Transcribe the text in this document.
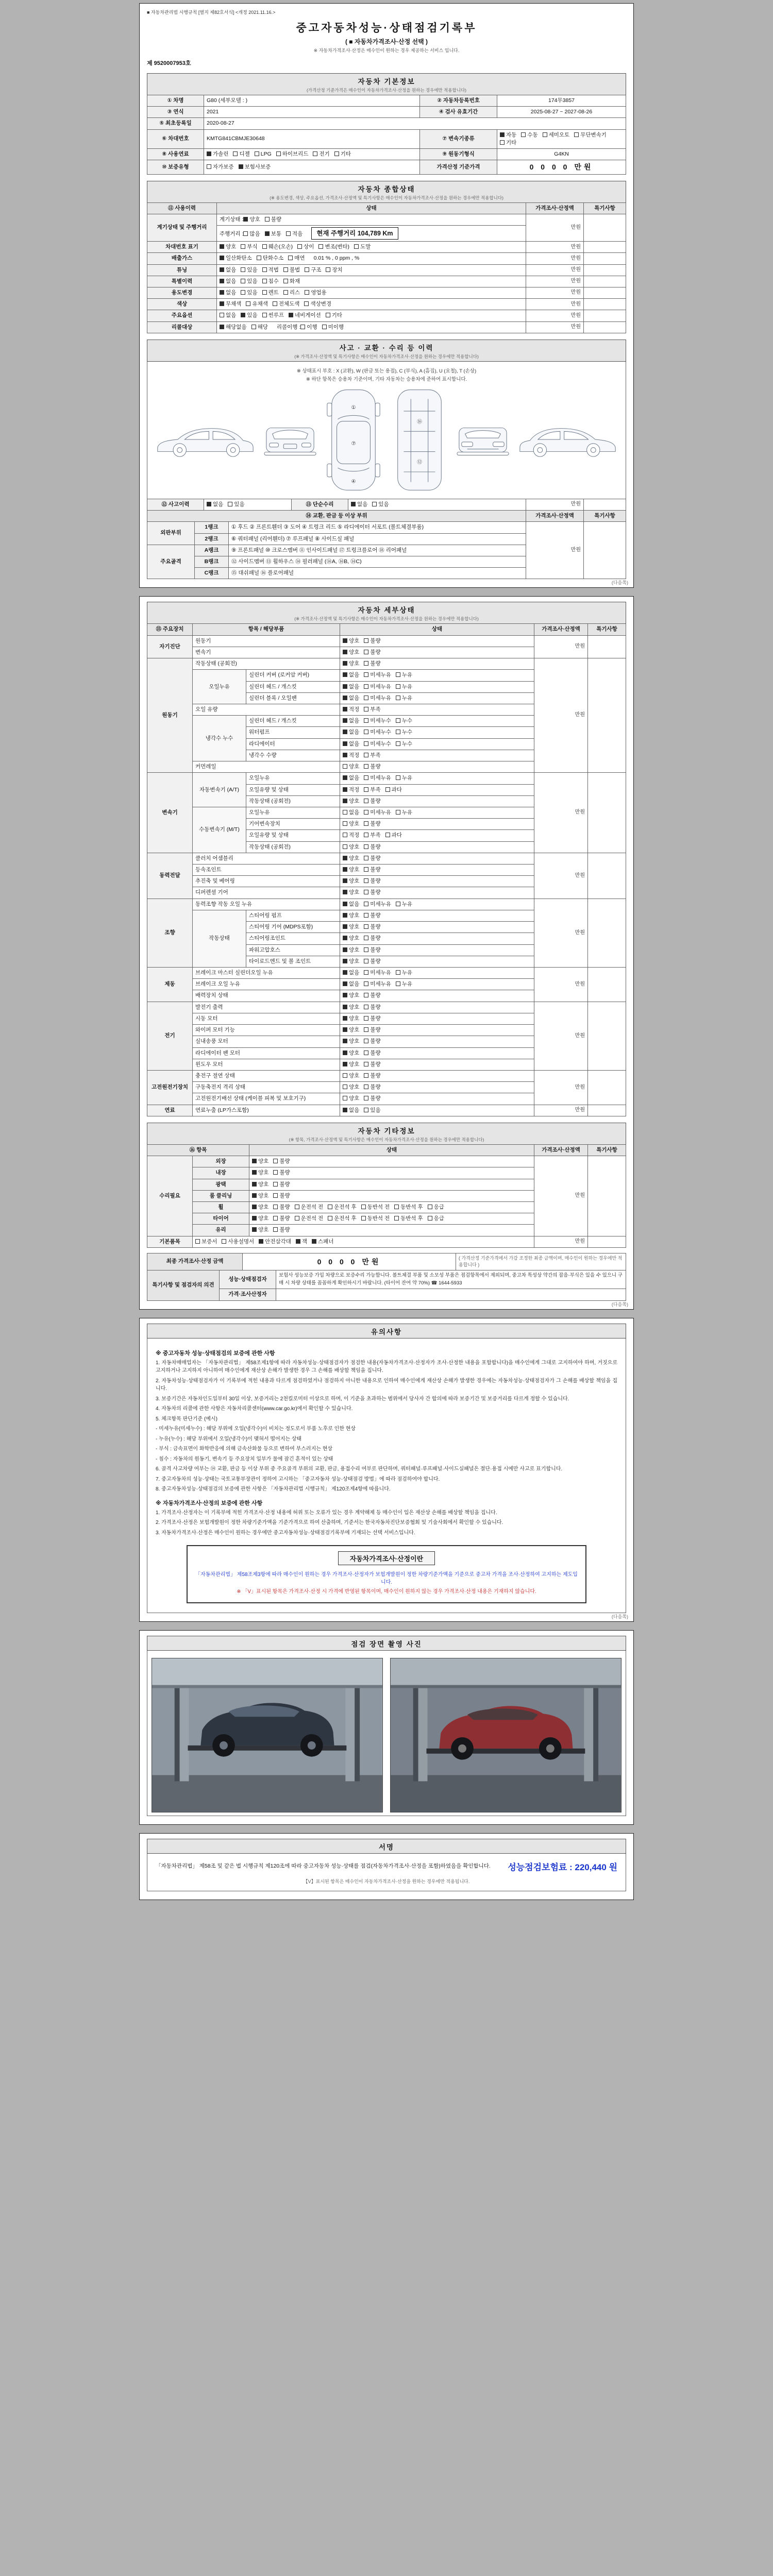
■ 자동차관리법 시행규칙 [별지 제82호서식] <개정 2021.11.16.>
중고자동차성능·상태점검기록부
( ■ 자동차가격조사·산정 선택 )
※ 자동차가격조사·산정은 매수인이 원하는 경우 제공하는 서비스 입니다.
제 9520007953호
자동차 기본정보
(가격산정 기준가격은 매수인이 자동차가격조사·산정을 원하는 경우에만 적용합니다)
① 차명	G80 (세부모델 : )	② 자동차등록번호	174무3857
③ 연식	2021	④ 검사 유효기간	2025-08-27 ~ 2027-08-26
⑤ 최초등록일	2020-08-27		
⑥ 차대번호	KMTG841CBMJE30648	⑦ 변속기종류	자동 수동 세미오토 무단변속기기타
⑧ 사용연료	가솔린 디젤 LPG 하이브리드 전기 기타	⑨ 원동기형식	G4KN
⑩ 보증유형	자가보증 보험사보증	가격산정 기준가격	0 0 0 0 만원
자동차 종합상태
(※ 용도변경, 색상, 주요옵션, 가격조사·산정액 및 특기사항은 매수인이 자동차가격조사·산정을 원하는 경우에만 적용합니다)
⑪ 사용이력	상태	가격조사·산정액	특기사항
계기상태 및 주행거리	계기상태 : 양호 불량	만원	
	주행거리 : 많음 보통 적음 현재 주행거리 104,789 Km		
차대번호 표기	양호 부식 훼손(오손) 상이 변조(변타) 도말	만원	
배출가스	일산화탄소 탄화수소 매연 0.01 % , 0 ppm , %	만원	
튜닝	없음 있음 적법 불법 구조 장치	만원	
특별이력	없음 있음 침수 화재	만원	
용도변경	없음 있음 렌트 리스 영업용	만원	
색상	무채색 유채색 전체도색 색상변경	만원	
주요옵션	없음 있음 썬루프 네비게이션 기타	만원	
리콜대상	해당없음 해당 리콜이행 : 이행 미이행	만원	
사고 · 교환 · 수리 등 이력
(※ 가격조사·산정액 및 특기사항은 매수인이 자동차가격조사·산정을 원하는 경우에만 적용합니다)
※ 상태표시 부호 : X (교환), W (판금 또는 용접), C (부식), A (흠집), U (요철), T (손상)
※ 하단 항목은 승용차 기준이며, 기타 자동차는 승용차에 준하여 표시합니다.
①
⑦
④
⑯
⑫
⑫ 사고이력	없음 있음	⑬ 단순수리	없음 있음	만원	
⑭ 교환, 판금 등 이상 부위			가격조사·산정액	특기사항
외판부위	1랭크	① 후드 ② 프론트휀더 ③ 도어 ④ 트렁크 리드 ⑤ 라디에이터 서포트 (볼트체결부품)	만원	
	2랭크	⑥ 쿼터패널 (리어휀더) ⑦ 루프패널 ⑧ 사이드실 패널		
주요골격	A랭크	⑨ 프론트패널 ⑩ 크로스멤버 ⑪ 인사이드패널 ⑰ 트렁크플로어 ⑱ 리어패널		
	B랭크	⑫ 사이드멤버 ⑬ 휠하우스 ⑭ 필러패널 (⑭A, ⑭B, ⑭C)		
	C랭크	⑮ 대쉬패널 ⑯ 플로어패널		
(다음쪽)
자동차 세부상태
(※ 가격조사·산정액 및 특기사항은 매수인이 자동차가격조사·산정을 원하는 경우에만 적용합니다)
⑮ 주요장치	항목 / 해당부품		상태	가격조사·산정액	특기사항
자기진단	원동기		양호 불량	만원	
	변속기		양호 불량		
원동기	작동상태 (공회전)		양호 불량	만원	
	오일누유	실린더 커버 (로커암 커버)	없음 미세누유 누유		
		실린더 헤드 / 개스킷	없음 미세누유 누유		
		실린더 블록 / 오일팬	없음 미세누유 누유		
	오일 유량		적정 부족		
	냉각수 누수	실린더 헤드 / 개스킷	없음 미세누수 누수		
		워터펌프	없음 미세누수 누수		
		라디에이터	없음 미세누수 누수		
		냉각수 수량	적정 부족		
	커먼레일		양호 불량		
변속기	자동변속기 (A/T)	오일누유	없음 미세누유 누유	만원	
		오일유량 및 상태	적정 부족 과다		
		작동상태 (공회전)	양호 불량		
	수동변속기 (M/T)	오일누유	없음 미세누유 누유		
		기어변속장치	양호 불량		
		오일유량 및 상태	적정 부족 과다		
		작동상태 (공회전)	양호 불량		
동력전달	클러치 어셈블리		양호 불량	만원	
	등속조인트		양호 불량		
	추진축 및 베어링		양호 불량		
	디퍼렌셜 기어		양호 불량		
조향	동력조향 작동 오일 누유		없음 미세누유 누유	만원	
	작동상태	스티어링 펌프	양호 불량		
		스티어링 기어 (MDPS포함)	양호 불량		
		스티어링조인트	양호 불량		
		파워고압호스	양호 불량		
		타이로드엔드 및 볼 조인트	양호 불량		
제동	브레이크 마스터 실린더오일 누유		없음 미세누유 누유	만원	
	브레이크 오일 누유		없음 미세누유 누유		
	배력장치 상태		양호 불량		
전기	발전기 출력		양호 불량	만원	
	시동 모터		양호 불량		
	와이퍼 모터 기능		양호 불량		
	실내송풍 모터		양호 불량		
	라디에이터 팬 모터		양호 불량		
	윈도우 모터		양호 불량		
고전원전기장치	충전구 절연 상태		양호 불량	만원	
	구동축전지 격리 상태		양호 불량		
	고전원전기배선 상태 (케이블 피복 및 보호기구)		양호 불량		
연료	연료누출 (LP가스포함)		없음 있음	만원	
자동차 기타정보
(※ 항목, 가격조사·산정액 및 특기사항은 매수인이 자동차가격조사·산정을 원하는 경우에만 적용합니다)
⑯ 항목		상태	가격조사·산정액	특기사항
수리필요	외장	양호 불량	만원	
	내장	양호 불량		
	광택	양호 불량		
	룸 클리닝	양호 불량		
	휠	양호 불량 운전석 전 운전석 후 동반석 전 동반석 후 응급		
	타이어	양호 불량 운전석 전 운전석 후 동반석 전 동반석 후 응급		
	유리	양호 불량		
기본품목	보증서 사용설명서 안전삼각대 잭 스패너		만원	
최종 가격조사·산정 금액	0 0 0 0 만원	( 가격산정 기준가격에서 가감 조정한 최종 금액이며, 매수인이 원하는 경우에만 적용합니다 )
특기사항 및 점검자의 의견	성능·상태점검자	보험사 성능보증 가입 차량으로 보증수리 가능합니다. 볼트체결 부품 및 소모성 부품은 점검항목에서 제외되며, 중고차 특성상 약간의 잡음·부식은 있을 수 있으니 구매 시 차량 상태를 꼼꼼하게 확인하시기 바랍니다. (타이어 잔여 약 70%) ☎ 1644-5933
	가격·조사산정자	
(다음쪽)
유의사항
※ 중고자동차 성능·상태점검의 보증에 관한 사항
1. 자동차매매업자는 「자동차관리법」 제58조제1항에 따라 자동차성능·상태점검자가 점검한 내용(자동차가격조사·산정자가 조사·산정한 내용을 포함합니다)을 매수인에게 그대로 고지하여야 하며, 거짓으로 고지하거나 고지하지 아니하여 매수인에게 재산상 손해가 발생한 경우 그 손해를 배상할 책임을 집니다.
2. 자동차성능·상태점검자가 이 기록부에 적힌 내용과 다르게 점검하였거나 점검하지 아니한 내용으로 인하여 매수인에게 재산상 손해가 발생한 경우에는 자동차성능·상태점검자가 그 손해를 배상할 책임을 집니다.
3. 보증기간은 자동차인도일부터 30일 이상, 보증거리는 2천킬로미터 이상으로 하며, 이 기준을 초과하는 범위에서 당사자 간 합의에 따라 보증기간 및 보증거리를 다르게 정할 수 있습니다.
4. 자동차의 리콜에 관한 사항은 자동차리콜센터(www.car.go.kr)에서 확인할 수 있습니다.
5. 체크항목 판단기준 (예시)
- 미세누유(미세누수) : 해당 부위에 오일(냉각수)이 비치는 정도로서 부품 노후로 인한 현상
- 누유(누수) : 해당 부위에서 오일(냉각수)이 맺혀서 떨어지는 상태
- 부식 : 금속표면이 화학반응에 의해 금속산화물 등으로 변하여 부스러지는 현상
- 침수 : 자동차의 원동기, 변속기 등 주요장치 일부가 물에 잠긴 흔적이 있는 상태
6. 골격 사고차량 여부는 ⑭ 교환, 판금 등 이상 부위 중 주요골격 부위의 교환, 판금, 용접수리 여부로 판단하며, 쿼터패널·루프패널·사이드실패널은 절단·용접 시에만 사고로 표기합니다.
7. 중고자동차의 성능·상태는 국토교통부장관이 정하여 고시하는 「중고자동차 성능·상태점검 방법」에 따라 점검하여야 합니다.
8. 중고자동차성능·상태점검의 보증에 관한 사항은 「자동차관리법 시행규칙」 제120조제4항에 따릅니다.
※ 자동차가격조사·산정의 보증에 관한 사항
1. 가격조사·산정자는 이 기록부에 적힌 가격조사·산정 내용에 허위 또는 오류가 있는 경우 계약해제 등 매수인이 입은 재산상 손해를 배상할 책임을 집니다.
2. 가격조사·산정은 보험개발원이 정한 차량기준가액을 기준가격으로 하여 산출하며, 기준서는 한국자동차진단보증협회 및 기술사회에서 확인할 수 있습니다.
3. 자동차가격조사·산정은 매수인이 원하는 경우에만 중고자동차성능·상태점검기록부에 기재되는 선택 서비스입니다.
자동차가격조사·산정이란
「자동차관리법」 제58조제3항에 따라 매수인이 원하는 경우 가격조사·산정자가 보험개발원이 정한 차량기준가액을 기준으로 중고차 가격을 조사·산정하여 고지하는 제도입니다.
※ 「V」표시된 항목은 가격조사·산정 시 가격에 반영된 항목이며, 매수인이 원하지 않는 경우 가격조사·산정 내용은 기재하지 않습니다.
(다음쪽)
점검 장면 촬영 사진
서명
「자동차관리법」 제58조 및 같은 법 시행규칙 제120조에 따라 중고자동차 성능·상태를 점검(자동차가격조사·산정을 포함)하였음을 확인합니다.	성능점검보험료 : 220,440 원
【V】표시된 항목은 매수인이 자동차가격조사·산정을 원하는 경우에만 적용됩니다.
